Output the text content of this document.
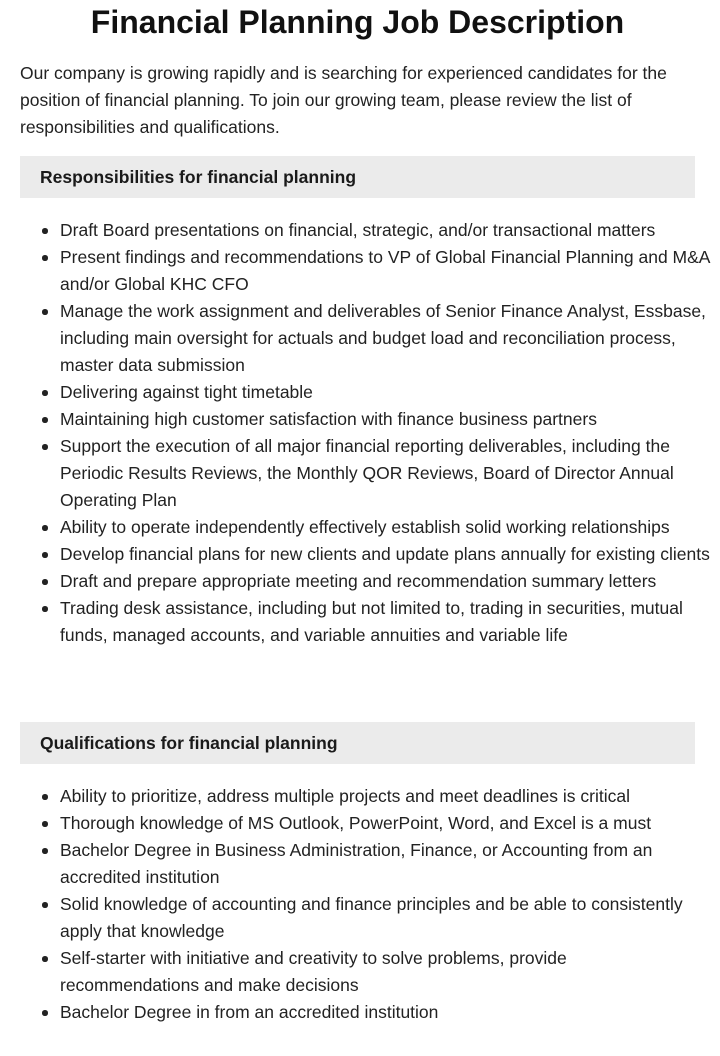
Financial Planning Job Description

Our company is growing rapidly and is searching for experienced candidates for the position of financial planning. To join our growing team, please review the list of responsibilities and qualifications.

Responsibilities for financial planning
Draft Board presentations on financial, strategic, and/or transactional matters
Present findings and recommendations to VP of Global Financial Planning and M&A and/or Global KHC CFO
Manage the work assignment and deliverables of Senior Finance Analyst, Essbase, including main oversight for actuals and budget load and reconciliation process, master data submission
Delivering against tight timetable
Maintaining high customer satisfaction with finance business partners
Support the execution of all major financial reporting deliverables, including the Periodic Results Reviews, the Monthly QOR Reviews, Board of Director Annual Operating Plan
Ability to operate independently effectively establish solid working relationships
Develop financial plans for new clients and update plans annually for existing clients
Draft and prepare appropriate meeting and recommendation summary letters
Trading desk assistance, including but not limited to, trading in securities, mutual funds, managed accounts, and variable annuities and variable life
Qualifications for financial planning
Ability to prioritize, address multiple projects and meet deadlines is critical
Thorough knowledge of MS Outlook, PowerPoint, Word, and Excel is a must
Bachelor Degree in Business Administration, Finance, or Accounting from an accredited institution
Solid knowledge of accounting and finance principles and be able to consistently apply that knowledge
Self-starter with initiative and creativity to solve problems, provide recommendations and make decisions
Bachelor Degree in from an accredited institution
